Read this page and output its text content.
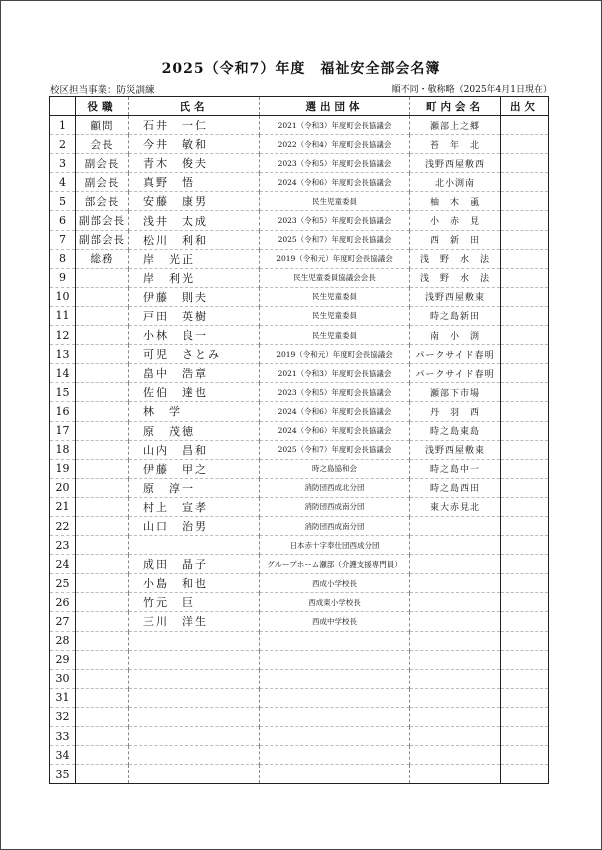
2025（令和7）年度　福祉安全部会名簿
校区担当事業：防災訓練	順不同・敬称略（2025年4月1日現在）
	役職	氏名	選出団体	町内会名	出欠
1	顧問	石井　一仁	2021（令和3）年度町会長協議会	瀬部上之郷	
2	会長	今井　敏和	2022（令和4）年度町会長協議会	苔　年　北	
3	副会長	青木　俊夫	2023（令和5）年度町会長協議会	浅野西屋敷西	
4	副会長	真野　悟	2024（令和6）年度町会長協議会	北小渕南	
5	部会長	安藤　康男	民生児童委員	柚　木　颪	
6	副部会長	浅井　太成	2023（令和5）年度町会長協議会	小　赤　見	
7	副部会長	松川　利和	2025（令和7）年度町会長協議会	西　新　田	
8	総務	岸　光正	2019（令和元）年度町会長協議会	浅　野　水　法	
9		岸　利光	民生児童委員協議会会長	浅　野　水　法	
10		伊藤　則夫	民生児童委員	浅野西屋敷東	
11		戸田　英樹	民生児童委員	時之島新田	
12		小林　良一	民生児童委員	南　小　渕	
13		可児　さとみ	2019（令和元）年度町会長協議会	パークサイド春明	
14		畠中　浩章	2021（令和3）年度町会長協議会	パークサイド春明	
15		佐伯　達也	2023（令和5）年度町会長協議会	瀬部下市場	
16		林　学	2024（令和6）年度町会長協議会	丹　羽　西	
17		原　茂徳	2024（令和6）年度町会長協議会	時之島東島	
18		山内　昌和	2025（令和7）年度町会長協議会	浅野西屋敷東	
19		伊藤　甲之	時之島協和会	時之島中一	
20		原　淳一	消防団西成北分団	時之島西田	
21		村上　宣孝	消防団西成南分団	東大赤見北	
22		山口　治男	消防団西成南分団		
23			日本赤十字奉仕団西成分団		
24		成田　晶子	グループホーム瀬部（介護支援専門員）		
25		小島　和也	西成小学校長		
26		竹元　巨	西成東小学校長		
27		三川　洋生	西成中学校長		
28					
29					
30					
31					
32					
33					
34					
35					
